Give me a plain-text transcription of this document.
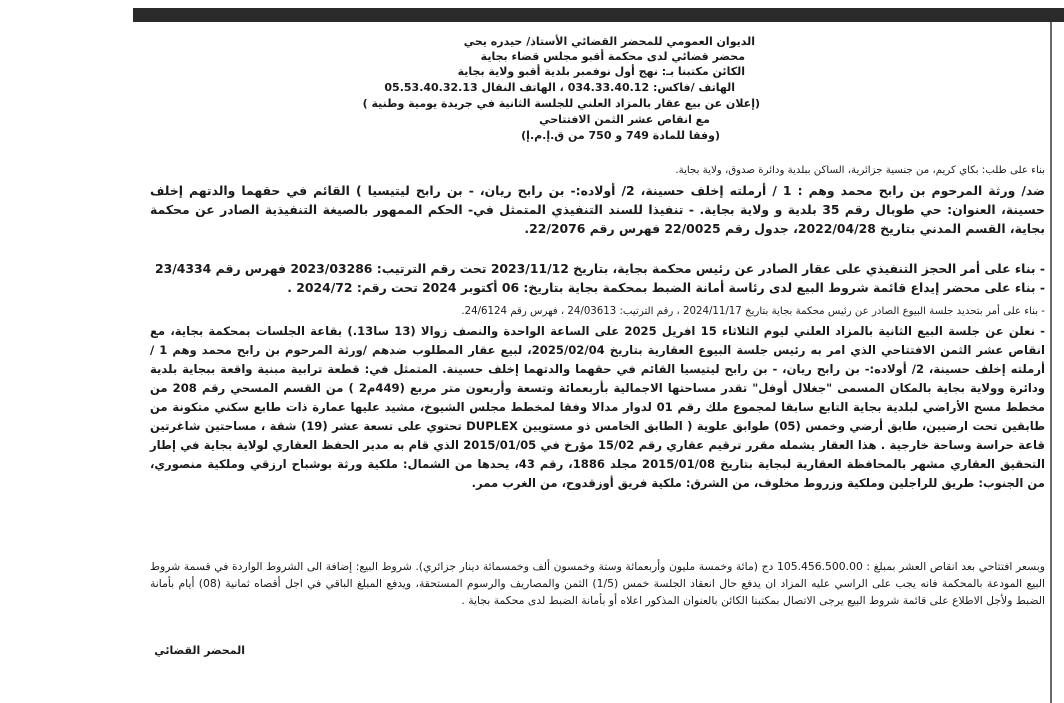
الديوان العمومي للمحضر القضائي الأستاذ/ حيدره يحي
محضر قضائي لدى محكمة أقبو مجلس قضاء بجاية
الكائن مكتبنا بـ: نهج أول نوفمبر بلدية أقبو ولاية بجاية
الهاتف /فاكس: 034.33.40.12 ، الهاتف النقال 05.53.40.32.13
(إعلان عن بيع عقار بالمزاد العلني للجلسة الثانية في جريدة يومية وطنية )
مع انقاص عشر الثمن الافتتاحي
(وفقا للمادة 749 و 750 من ق.إ.م.إ)
بناء على طلب: بكاي كريم، من جنسية جزائرية، الساكن ببلدية ودائرة صدوق، ولاية بجاية.
ضد/ ورثة المرحوم بن رابح محمد وهم : 1 / أرملته إخلف حسينة، 2/ أولاده:- بن رابح ريان، - بن رابح ليتيسيا ) القائم في حقهما والدتهم إخلف حسينة، العنوان: حي طوبال رقم 35 بلدية و ولاية بجاية. - تنفيذا للسند التنفيذي المتمثل في- الحكم الممهور بالصيغة التنفيذية الصادر عن محكمة بجاية، القسم المدني بتاريخ 2022/04/28، جدول رقم 22/0025 فهرس رقم 22/2076.
- بناء على أمر الحجز التنفيذي على عقار الصادر عن رئيس محكمة بجاية، بتاريخ 2023/11/12 تحت رقم الترتيب: 2023/03286 فهرس رقم 23/4334
- بناء على محضر إيداع قائمة شروط البيع لدى رئاسة أمانة الضبط بمحكمة بجاية بتاريخ: 06 أكتوبر 2024 تحت رقم: 2024/72 .
- بناء على أمر بتحديد جلسة البيوع الصادر عن رئيس محكمة بجاية بتاريخ 2024/11/17 ، رقم الترتيب: 24/03613 ، فهرس رقم 24/6124.
- نعلن عن جلسة البيع الثانية بالمزاد العلني ليوم الثلاثاء 15 افريل 2025 على الساعة الواحدة والنصف زوالا (13 سا13.) بقاعة الجلسات بمحكمة بجاية، مع انقاص عشر الثمن الافتتاحي الذي امر به رئيس جلسة البيوع العقارية بتاريخ 2025/02/04، لبيع عقار المطلوب ضدهم /ورثة المرحوم بن رابح محمد وهم 1 / أرملته إخلف حسينة، 2/ أولاده:- بن رابح ريان، - بن رابح ليتيسيا القائم في حقهما والدتهما إخلف حسينة. المتمثل في: قطعة ترابية مبنية واقعة ببجاية بلدية ودائرة وولاية بجاية بالمكان المسمى "جغلال أوفل" تقدر مساحتها الاجمالية بأربعمائة وتسعة وأربعون متر مربع (449م2 ) من القسم المسحي رقم 208 من مخطط مسح الأراضي لبلدية بجاية التابع سابقا لمجموع ملك رقم 01 لدوار مدالا وفقا لمخطط مجلس الشيوخ، مشيد عليها عمارة ذات طابع سكني متكونة من طابقين تحت ارضيين، طابق أرضي وخمس (05) طوابق علوية ( الطابق الخامس ذو مستويين DUPLEX تحتوي على تسعة عشر (19) شقة ، مساحتين شاغرتين قاعة حراسة وساحة خارجية . هذا العقار يشمله مقرر ترقيم عقاري رقم 15/02 مؤرخ في 2015/01/05 الذي قام به مدير الحفظ العقاري لولاية بجاية في إطار التحقيق العقاري مشهر بالمحافظة العقارية لبجاية بتاريخ 2015/01/08 مجلد 1886، رقم 43، يحدها من الشمال: ملكية ورثة بوشباح ارزقي وملكية منصوري، من الجنوب: طريق للراجلين وملكية وزروط مخلوف، من الشرق: ملكية فريق أوزقدوح، من الغرب ممر.
وبسعر افتتاحي بعد انقاص العشر بمبلغ : 105.456.500.00 دج (مائة وخمسة مليون وأربعمائة وستة وخمسون ألف وخمسمائة دينار جزائري). شروط البيع: إضافة الى الشروط الواردة في قسمة شروط البيع المودعة بالمحكمة فانه يجب على الراسي عليه المزاد ان يدفع حال انعقاد الجلسة خمس (1/5) الثمن والمصاريف والرسوم المستحقة، ويدفع المبلغ الباقي في اجل أقصاه ثمانية (08) أيام بأمانة الضبط ولأجل الاطلاع على قائمة شروط البيع يرجى الاتصال بمكتبنا الكائن بالعنوان المذكور اعلاه أو بأمانة الضبط لدى محكمة بجاية .
المحضر القضائي
